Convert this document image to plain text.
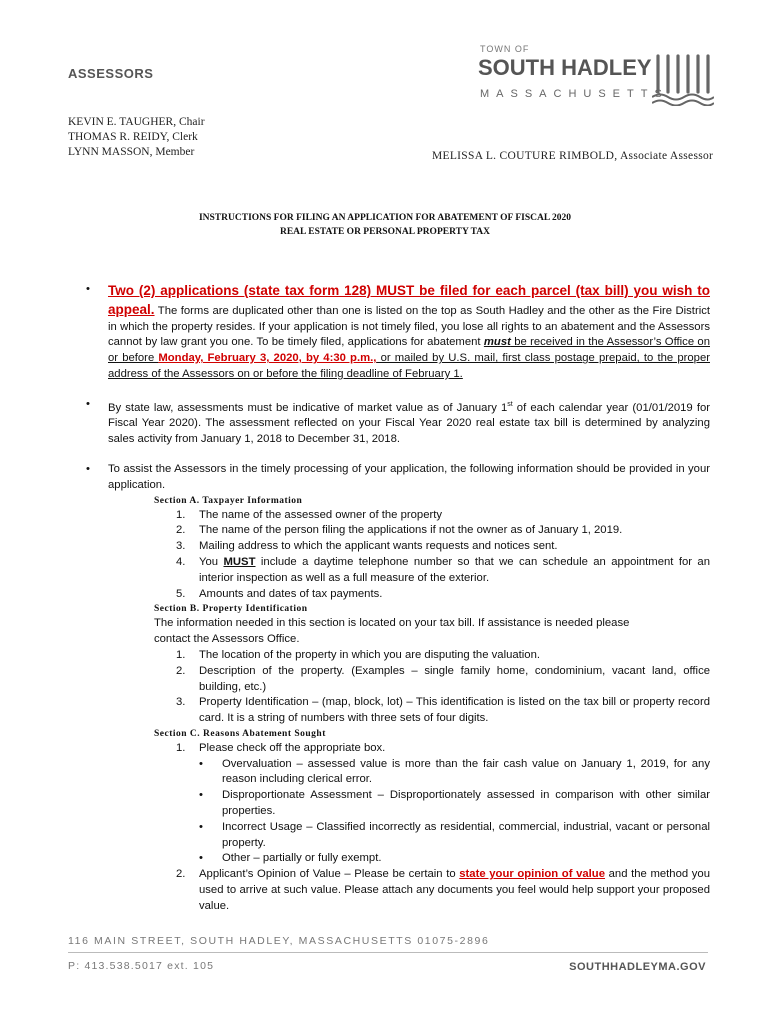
ASSESSORS
TOWN OF
SOUTH HADLEY
MASSACHUSETTS
KEVIN E. TAUGHER, Chair
THOMAS R. REIDY, Clerk
LYNN MASSON, Member	MELISSA L. COUTURE RIMBOLD, Associate Assessor
INSTRUCTIONS FOR FILING AN APPLICATION FOR ABATEMENT OF FISCAL 2020
REAL ESTATE OR PERSONAL PROPERTY TAX
• Two (2) applications (state tax form 128) MUST be filed for each parcel (tax bill) you wish to appeal. The forms are duplicated other than one is listed on the top as South Hadley and the other as the Fire District in which the property resides. If your application is not timely filed, you lose all rights to an abatement and the Assessors cannot by law grant you one. To be timely filed, applications for abatement must be received in the Assessor’s Office on or before Monday, February 3, 2020, by 4:30 p.m., or mailed by U.S. mail, first class postage prepaid, to the proper address of the Assessors on or before the filing deadline of February 1.
• By state law, assessments must be indicative of market value as of January 1st of each calendar year (01/01/2019 for Fiscal Year 2020). The assessment reflected on your Fiscal Year 2020 real estate tax bill is determined by analyzing sales activity from January 1, 2018 to December 31, 2018.
• To assist the Assessors in the timely processing of your application, the following information should be provided in your application.
Section A. Taxpayer Information
1. The name of the assessed owner of the property
2. The name of the person filing the applications if not the owner as of January 1, 2019.
3. Mailing address to which the applicant wants requests and notices sent.
4. You MUST include a daytime telephone number so that we can schedule an appointment for an interior inspection as well as a full measure of the exterior.
5. Amounts and dates of tax payments.
Section B. Property Identification
The information needed in this section is located on your tax bill. If assistance is needed please
contact the Assessors Office.
1. The location of the property in which you are disputing the valuation.
2. Description of the property. (Examples – single family home, condominium, vacant land, office building, etc.)
3. Property Identification – (map, block, lot) – This identification is listed on the tax bill or property record card. It is a string of numbers with three sets of four digits.
Section C. Reasons Abatement Sought
1. Please check off the appropriate box.
• Overvaluation – assessed value is more than the fair cash value on January 1, 2019, for any reason including clerical error.
• Disproportionate Assessment – Disproportionately assessed in comparison with other similar properties.
• Incorrect Usage – Classified incorrectly as residential, commercial, industrial, vacant or personal property.
• Other – partially or fully exempt.
2. Applicant’s Opinion of Value – Please be certain to state your opinion of value and the method you used to arrive at such value. Please attach any documents you feel would help support your proposed value.
116 MAIN STREET, SOUTH HADLEY, MASSACHUSETTS 01075-2896
P: 413.538.5017 ext. 105	SOUTHHADLEYMA.GOV
